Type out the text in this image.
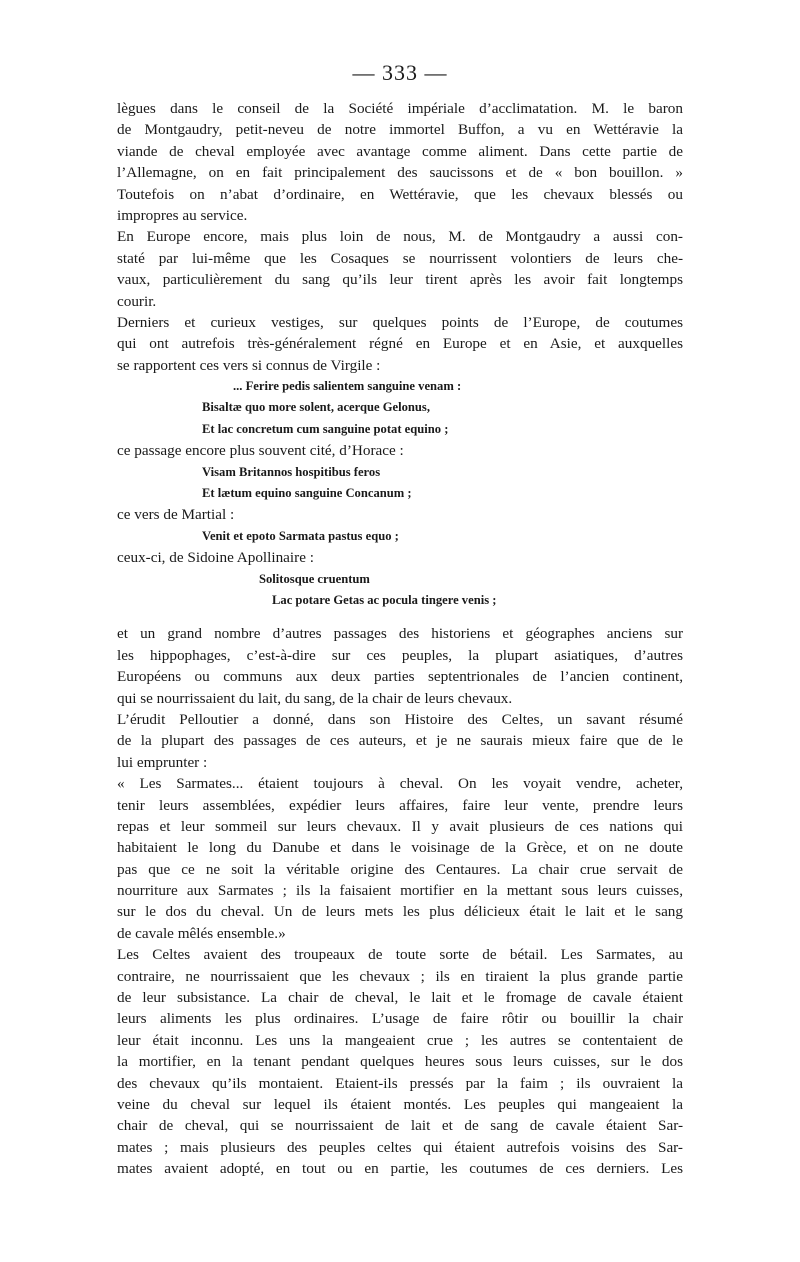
— 333 —
lègues dans le conseil de la Société impériale d’acclimatation. M. le baron
de Montgaudry, petit-neveu de notre immortel Buffon, a vu en Wettéravie la
viande de cheval employée avec avantage comme aliment. Dans cette partie de
l’Allemagne, on en fait principalement des saucissons et de « bon bouillon. »
Toutefois on n’abat d’ordinaire, en Wettéravie, que les chevaux blessés ou
impropres au service.
En Europe encore, mais plus loin de nous, M. de Montgaudry a aussi con-
staté par lui-même que les Cosaques se nourrissent volontiers de leurs che-
vaux, particulièrement du sang qu’ils leur tirent après les avoir fait longtemps
courir.
Derniers et curieux vestiges, sur quelques points de l’Europe, de coutumes
qui ont autrefois très-généralement régné en Europe et en Asie, et auxquelles
se rapportent ces vers si connus de Virgile :
... Ferire pedis salientem sanguine venam :
Bisaltæ quo more solent, acerque Gelonus,
Et lac concretum cum sanguine potat equino ;
ce passage encore plus souvent cité, d’Horace :
Visam Britannos hospitibus feros
Et lætum equino sanguine Concanum ;
ce vers de Martial :
Venit et epoto Sarmata pastus equo ;
ceux-ci, de Sidoine Apollinaire :
Solitosque cruentum
Lac potare Getas ac pocula tingere venis ;
et un grand nombre d’autres passages des historiens et géographes anciens sur
les hippophages, c’est-à-dire sur ces peuples, la plupart asiatiques, d’autres
Européens ou communs aux deux parties septentrionales de l’ancien continent,
qui se nourrissaient du lait, du sang, de la chair de leurs chevaux.
L’érudit Pelloutier a donné, dans son Histoire des Celtes, un savant résumé
de la plupart des passages de ces auteurs, et je ne saurais mieux faire que de le
lui emprunter :
« Les Sarmates... étaient toujours à cheval. On les voyait vendre, acheter,
tenir leurs assemblées, expédier leurs affaires, faire leur vente, prendre leurs
repas et leur sommeil sur leurs chevaux. Il y avait plusieurs de ces nations qui
habitaient le long du Danube et dans le voisinage de la Grèce, et on ne doute
pas que ce ne soit la véritable origine des Centaures. La chair crue servait de
nourriture aux Sarmates ; ils la faisaient mortifier en la mettant sous leurs cuisses,
sur le dos du cheval. Un de leurs mets les plus délicieux était le lait et le sang
de cavale mêlés ensemble.»
Les Celtes avaient des troupeaux de toute sorte de bétail. Les Sarmates, au
contraire, ne nourrissaient que les chevaux ; ils en tiraient la plus grande partie
de leur subsistance. La chair de cheval, le lait et le fromage de cavale étaient
leurs aliments les plus ordinaires. L’usage de faire rôtir ou bouillir la chair
leur était inconnu. Les uns la mangeaient crue ; les autres se contentaient de
la mortifier, en la tenant pendant quelques heures sous leurs cuisses, sur le dos
des chevaux qu’ils montaient. Etaient-ils pressés par la faim ; ils ouvraient la
veine du cheval sur lequel ils étaient montés. Les peuples qui mangeaient la
chair de cheval, qui se nourrissaient de lait et de sang de cavale étaient Sar-
mates ; mais plusieurs des peuples celtes qui étaient autrefois voisins des Sar-
mates avaient adopté, en tout ou en partie, les coutumes de ces derniers. Les
